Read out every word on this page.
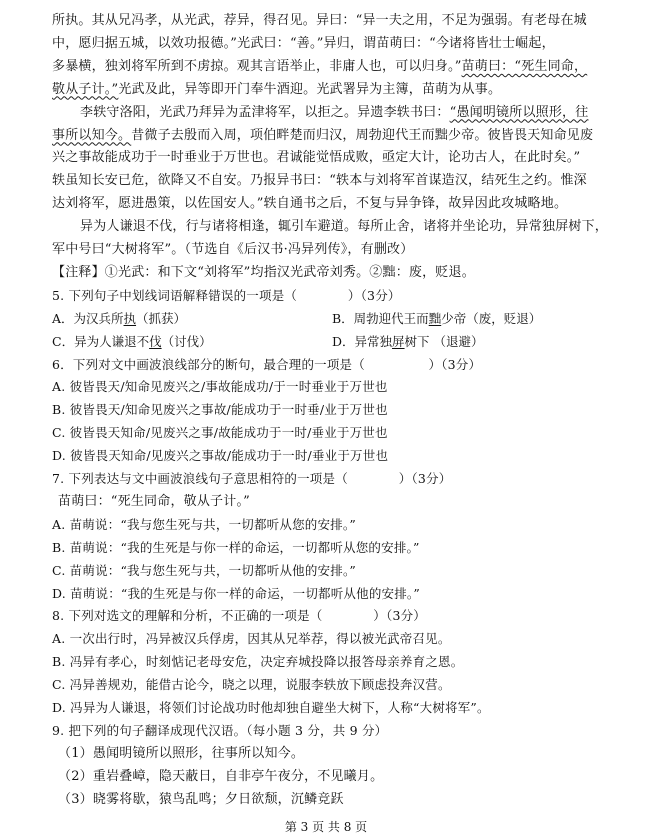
所执。其从兄冯孝，从光武，荐异，得召见。异曰：“异一夫之用，不足为强弱。有老母在城
中，愿归据五城，以效功报德。”光武曰：“善。”异归，谓苗萌曰：“今诸将皆壮士崛起，
多暴横，独刘将军所到不虏掠。观其言语举止，非庸人也，可以归身。”苗萌曰：“死生同命，
敬从子计。”光武及此，异等即开门奉牛酒迎。光武署异为主簿，苗萌为从事。
李轶守洛阳，光武乃拜异为孟津将军，以拒之。异遗李轶书曰：“愚闻明镜所以照形，往
事所以知今。昔微子去殷而入周，项伯畔楚而归汉，周勃迎代王而黜少帝。彼皆畏天知命见废
兴之事故能成功于一时垂业于万世也。君诚能觉悟成败，亟定大计，论功古人，在此时矣。”
轶虽知长安已危，欲降又不自安。乃报异书曰：“轶本与刘将军首谋造汉，结死生之约。惟深
达刘将军，愿进愚策，以佐国安人。”轶自通书之后，不复与异争锋，故异因此攻城略地。
异为人谦退不伐，行与诸将相逢，辄引车避道。每所止舍，诸将并坐论功，异常独屏树下，
军中号曰“大树将军”。（节选自《后汉书·冯异列传》，有删改）
【注释】①光武：和下文“刘将军”均指汉光武帝刘秀。②黜：废，贬退。
5. 下列句子中划线词语解释错误的一项是（　　　　）（3分）
A．为汉兵所执（抓获）	B．周勃迎代王而黜少帝（废，贬退）
C．异为人谦退不伐（讨伐）	D．异常独屏树下 （退避）
6．下列对文中画波浪线部分的断句，最合理的一项是（　　　　　）（3分）
A. 彼皆畏天/知命见废兴之/事故能成功/于一时垂业于万世也
B. 彼皆畏天/知命见废兴之事故/能成功于一时垂/业于万世也
C. 彼皆畏天知命/见废兴之事/故能成功于一时/垂业于万世也
D. 彼皆畏天知命/见废兴之事故/能成功于一时/垂业于万世也
7. 下列表达与文中画波浪线句子意思相符的一项是（　　　　）（3分）
苗萌曰：“死生同命，敬从子计。”
A. 苗萌说：“我与您生死与共，一切都听从您的安排。”
B. 苗萌说：“我的生死是与你一样的命运，一切都听从您的安排。”
C. 苗萌说：“我与您生死与共，一切都听从他的安排。”
D. 苗萌说：“我的生死是与你一样的命运，一切都听从他的安排。”
8. 下列对选文的理解和分析，不正确的一项是（　　　　）（3分）
A. 一次出行时，冯异被汉兵俘虏，因其从兄举荐，得以被光武帝召见。
B. 冯异有孝心，时刻惦记老母安危，决定弃城投降以报答母亲养育之恩。
C. 冯异善规劝，能借古论今，晓之以理，说服李轶放下顾虑投奔汉营。
D. 冯异为人谦退，将领们讨论战功时他却独自避坐大树下，人称“大树将军”。
9. 把下列的句子翻译成现代汉语。（每小题 3 分，共 9 分）
（1）愚闻明镜所以照形，往事所以知今。
（2）重岩叠嶂，隐天蔽日，自非亭午夜分，不见曦月。
（3）晓雾将歇，猿鸟乱鸣；夕日欲颓，沉鳞竞跃
第 3 页 共 8 页
